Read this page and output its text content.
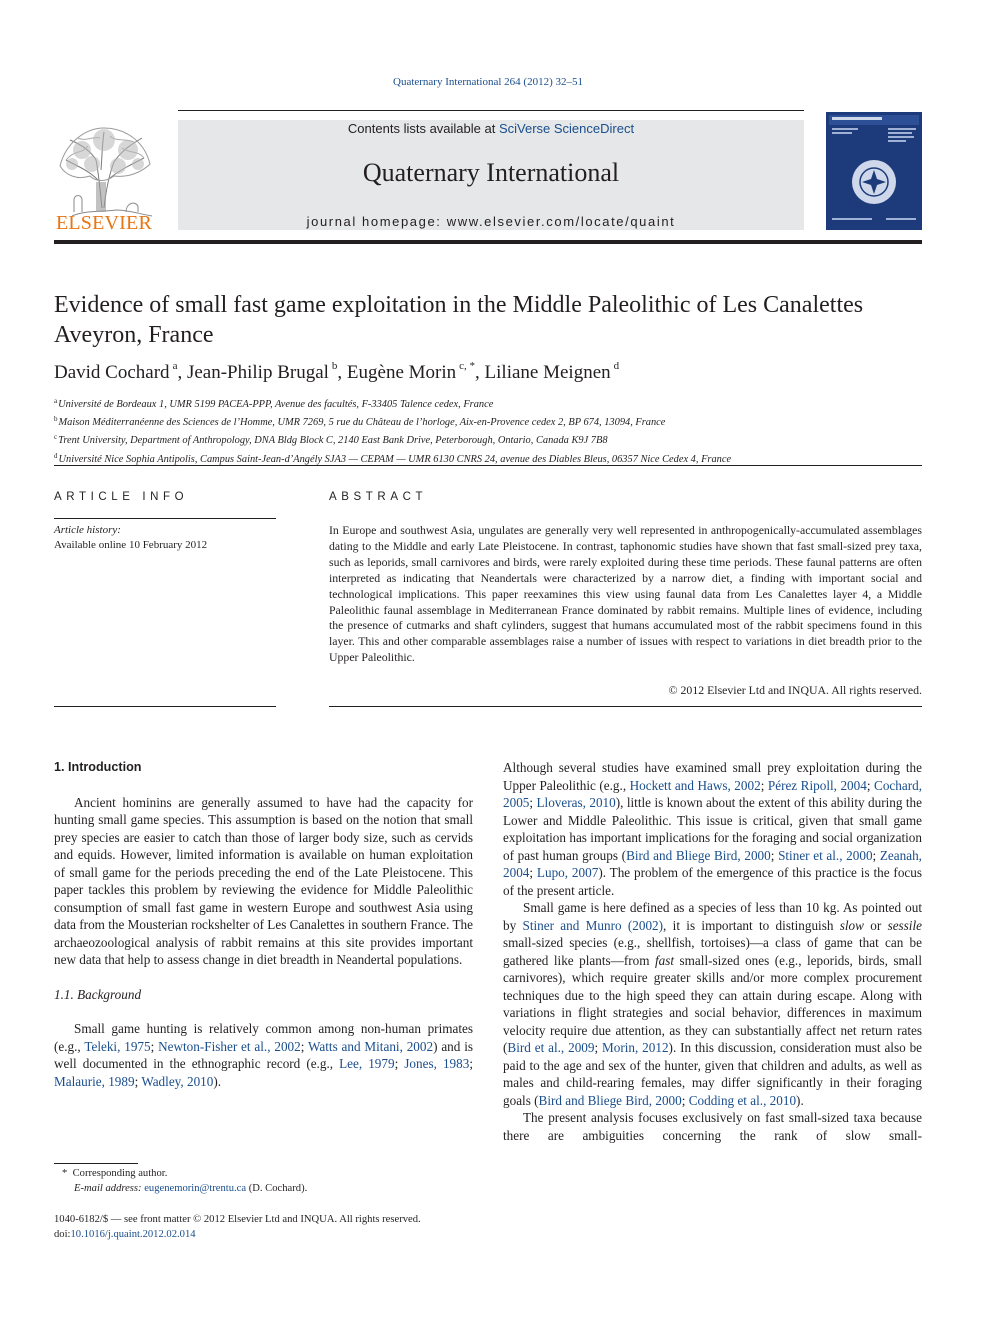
Quaternary International 264 (2012) 32–51
ELSEVIER
Contents lists available at SciVerse ScienceDirect
Quaternary International
journal homepage: www.elsevier.com/locate/quaint
Evidence of small fast game exploitation in the Middle Paleolithic of Les Canalettes Aveyron, France
David Cochard $^a$, Jean-Philip Brugal $^b$, Eugène Morin $^{c, *}$, Liliane Meignen $^d$
$^a$Université de Bordeaux 1, UMR 5199 PACEA-PPP, Avenue des facultés, F-33405 Talence cedex, France
$^b$Maison Méditerranéenne des Sciences de l’Homme, UMR 7269, 5 rue du Château de l’horloge, Aix-en-Provence cedex 2, BP 674, 13094, France
$^c$Trent University, Department of Anthropology, DNA Bldg Block C, 2140 East Bank Drive, Peterborough, Ontario, Canada K9J 7B8
$^d$Université Nice Sophia Antipolis, Campus Saint-Jean-d’Angély SJA3 — CEPAM — UMR 6130 CNRS 24, avenue des Diables Bleus, 06357 Nice Cedex 4, France
ARTICLE INFO	ABSTRACT
Article history:
Available online 10 February 2012

In Europe and southwest Asia, ungulates are generally very well represented in anthropogenically-accumulated assemblages dating to the Middle and early Late Pleistocene. In contrast, taphonomic studies have shown that fast small-sized prey taxa, such as leporids, small carnivores and birds, were rarely exploited during these time periods. These faunal patterns are often interpreted as indicating that Neandertals were characterized by a narrow diet, a finding with important social and technological implications. This paper reexamines this view using faunal data from Les Canalettes layer 4, a Middle Paleolithic faunal assemblage in Mediterranean France dominated by rabbit remains. Multiple lines of evidence, including the presence of cutmarks and shaft cylinders, suggest that humans accumulated most of the rabbit specimens found in this layer. This and other comparable assemblages raise a number of issues with respect to variations in diet breadth prior to the Upper Paleolithic.

© 2012 Elsevier Ltd and INQUA. All rights reserved.
1. Introduction

Ancient hominins are generally assumed to have had the capacity for hunting small game species. This assumption is based on the notion that small prey species are easier to catch than those of larger body size, such as cervids and equids. However, limited information is available on human exploitation of small game for the periods preceding the end of the Late Pleistocene. This paper tackles this problem by reviewing the evidence for Middle Paleolithic consumption of small fast game in western Europe and southwest Asia using data from the Mousterian rockshelter of Les Canalettes in southern France. The archaeozoological analysis of rabbit remains at this site provides important new data that help to assess change in diet breadth in Neandertal populations.

1.1. Background

Small game hunting is relatively common among non-human primates (e.g., Teleki, 1975; Newton-Fisher et al., 2002; Watts and Mitani, 2002) and is well documented in the ethnographic record (e.g., Lee, 1979; Jones, 1983; Malaurie, 1989; Wadley, 2010).

Although several studies have examined small prey exploitation during the Upper Paleolithic (e.g., Hockett and Haws, 2002; Pérez Ripoll, 2004; Cochard, 2005; Lloveras, 2010), little is known about the extent of this ability during the Lower and Middle Paleolithic. This issue is critical, given that small game exploitation has important implications for the foraging and social organization of past human groups (Bird and Bliege Bird, 2000; Stiner et al., 2000; Zeanah, 2004; Lupo, 2007). The problem of the emergence of this practice is the focus of the present article.

Small game is here defined as a species of less than 10 kg. As pointed out by Stiner and Munro (2002), it is important to distinguish slow or sessile small-sized species (e.g., shellfish, tortoises)—a class of game that can be gathered like plants—from fast small-sized ones (e.g., leporids, birds, small carnivores), which require greater skills and/or more complex procurement techniques due to the high speed they can attain during escape. Along with variations in flight strategies and social behavior, differences in maximum velocity require due attention, as they can substantially affect net return rates (Bird et al., 2009; Morin, 2012). In this discussion, consideration must also be paid to the age and sex of the hunter, given that children and adults, as well as males and child-rearing females, may differ significantly in their foraging goals (Bird and Bliege Bird, 2000; Codding et al., 2010).

The present analysis focuses exclusively on fast small-sized taxa because there are ambiguities concerning the rank of slow small-

*  Corresponding author.
E-mail address: eugenemorin@trentu.ca (D. Cochard).
1040-6182/$ — see front matter © 2012 Elsevier Ltd and INQUA. All rights reserved.
doi:10.1016/j.quaint.2012.02.014
